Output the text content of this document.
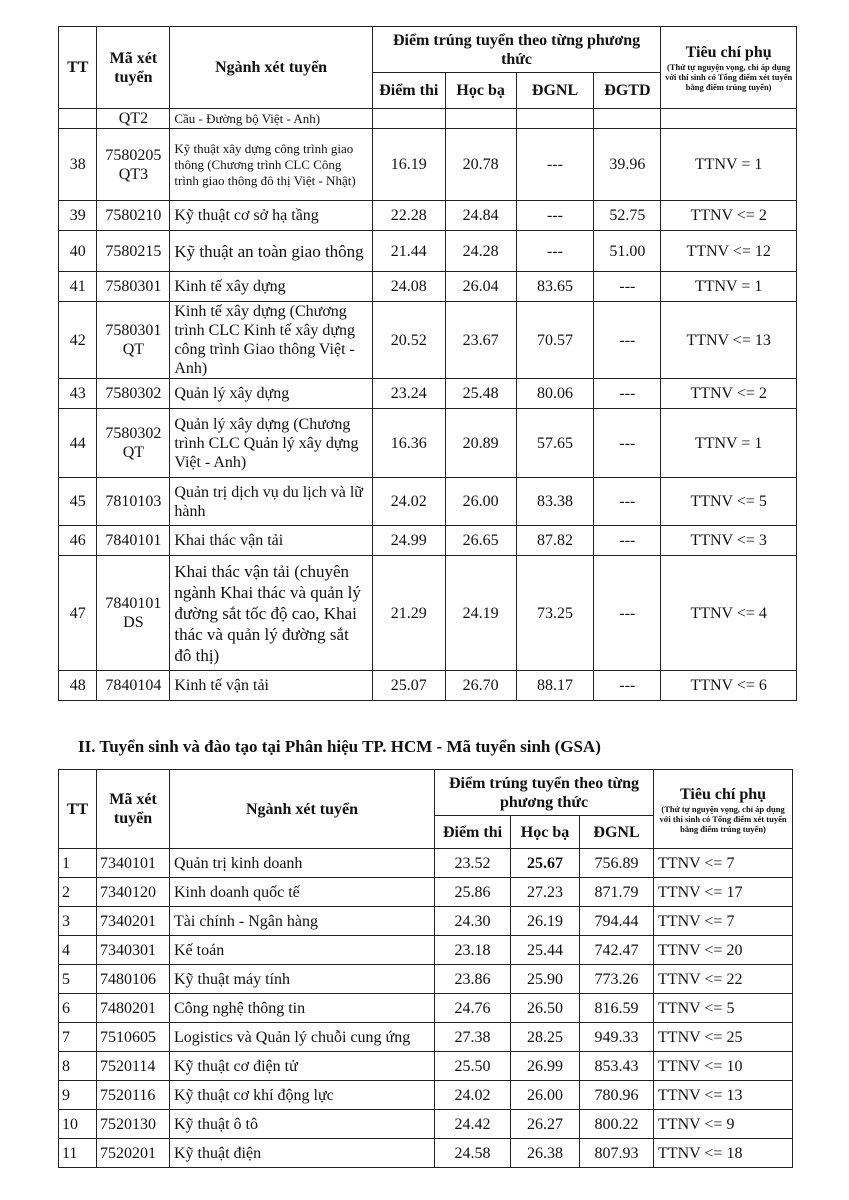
TT	Mã xét tuyển	Ngành xét tuyển	Điểm trúng tuyển theo từng phương thức				Tiêu chí phụ
(Thứ tự nguyện vọng, chỉ áp dụng với thí sinh có Tổng điểm xét tuyển bằng điểm trúng tuyển)

			Điểm thi	Học bạ	ĐGNL	ĐGTD	
	QT2	Cầu - Đường bộ Việt - Anh)					
38	7580205 QT3	Kỹ thuật xây dựng công trình giao thông (Chương trình CLC Công trình giao thông đô thị Việt - Nhật)	16.19	20.78	---	39.96	TTNV = 1
39	7580210	Kỹ thuật cơ sở hạ tầng	22.28	24.84	---	52.75	TTNV <= 2
40	7580215	Kỹ thuật an toàn giao thông	21.44	24.28	---	51.00	TTNV <= 12
41	7580301	Kinh tế xây dựng	24.08	26.04	83.65	---	TTNV = 1
42	7580301 QT	Kinh tế xây dựng (Chương trình CLC Kinh tế xây dựng công trình Giao thông Việt - Anh)	20.52	23.67	70.57	---	TTNV <= 13
43	7580302	Quản lý xây dựng	23.24	25.48	80.06	---	TTNV <= 2
44	7580302 QT	Quản lý xây dựng (Chương trình CLC Quản lý xây dựng Việt - Anh)	16.36	20.89	57.65	---	TTNV = 1
45	7810103	Quản trị dịch vụ du lịch và lữ hành	24.02	26.00	83.38	---	TTNV <= 5
46	7840101	Khai thác vận tải	24.99	26.65	87.82	---	TTNV <= 3
47	7840101 DS	Khai thác vận tải (chuyên ngành Khai thác và quản lý đường sắt tốc độ cao, Khai thác và quản lý đường sắt đô thị)	21.29	24.19	73.25	---	TTNV <= 4
48	7840104	Kinh tế vận tải	25.07	26.70	88.17	---	TTNV <= 6
II. Tuyển sinh và đào tạo tại Phân hiệu TP. HCM - Mã tuyển sinh (GSA)
TT	Mã xét tuyển	Ngành xét tuyển	Điểm trúng tuyển theo từng phương thức			Tiêu chí phụ
(Thứ tự nguyện vọng, chỉ áp dụng với thí sinh có Tổng điểm xét tuyển bằng điểm trúng tuyển)

			Điểm thi	Học bạ	ĐGNL	
1	7340101	Quản trị kinh doanh	23.52	25.67	756.89	TTNV <= 7
2	7340120	Kinh doanh quốc tế	25.86	27.23	871.79	TTNV <= 17
3	7340201	Tài chính - Ngân hàng	24.30	26.19	794.44	TTNV <= 7
4	7340301	Kế toán	23.18	25.44	742.47	TTNV <= 20
5	7480106	Kỹ thuật máy tính	23.86	25.90	773.26	TTNV <= 22
6	7480201	Công nghệ thông tin	24.76	26.50	816.59	TTNV <= 5
7	7510605	Logistics và Quản lý chuỗi cung ứng	27.38	28.25	949.33	TTNV <= 25
8	7520114	Kỹ thuật cơ điện tử	25.50	26.99	853.43	TTNV <= 10
9	7520116	Kỹ thuật cơ khí động lực	24.02	26.00	780.96	TTNV <= 13
10	7520130	Kỹ thuật ô tô	24.42	26.27	800.22	TTNV <= 9
11	7520201	Kỹ thuật điện	24.58	26.38	807.93	TTNV <= 18
